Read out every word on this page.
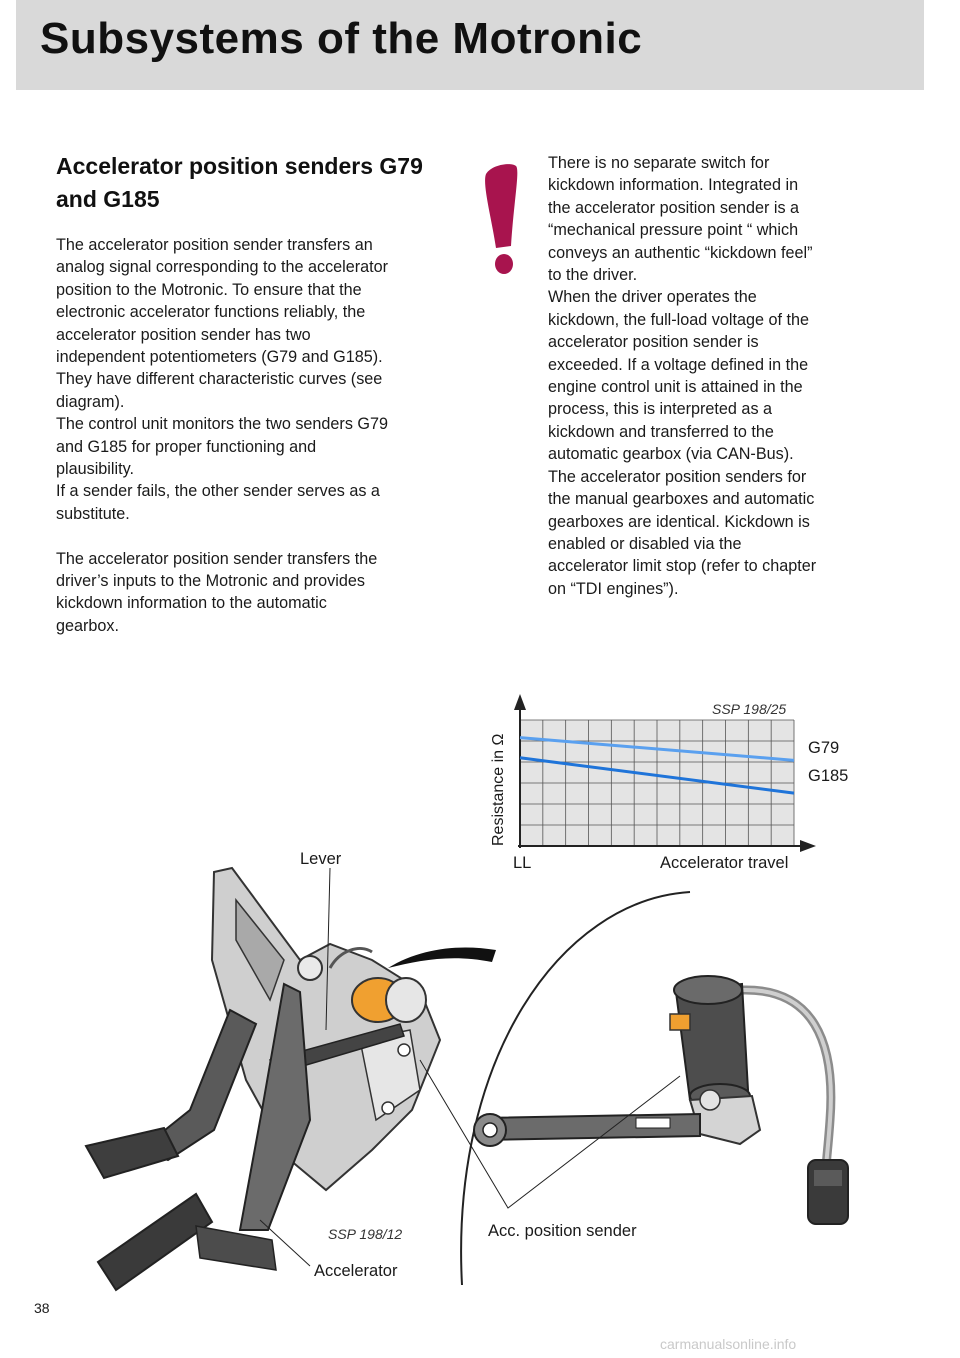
Subsystems of the Motronic
Accelerator position senders G79 and G185

The accelerator position sender transfers an
analog signal corresponding to the accelerator
position to the Motronic. To ensure that the
electronic accelerator functions reliably, the
accelerator position sender has two
independent potentiometers (G79 and G185).
They have different characteristic curves (see
diagram).
The control unit monitors the two senders G79
and G185 for proper functioning and
plausibility.
If a sender fails, the other sender serves as a
substitute.

The accelerator position sender transfers the
driver’s inputs to the Motronic and provides
kickdown information to the automatic
gearbox.

There is no separate switch for
kickdown information. Integrated in
the accelerator position sender is a
“mechanical pressure point “ which
conveys an authentic “kickdown feel”
to the driver.
When the driver operates the
kickdown, the full-load voltage of the
accelerator position sender is
exceeded. If a voltage defined in the
engine control unit is attained in the
process, this is interpreted as a
kickdown and transferred to the
automatic gearbox (via CAN-Bus).
The accelerator position senders for
the manual gearboxes and automatic
gearboxes are identical. Kickdown is
enabled or disabled via the
accelerator limit stop (refer to chapter
on “TDI engines”).

Resistance in Ω
SSP 198/25
G79
G185
LL	Accelerator travel
Lever
SSP 198/12
Accelerator
Acc. position sender
38
carmanualsonline.info
